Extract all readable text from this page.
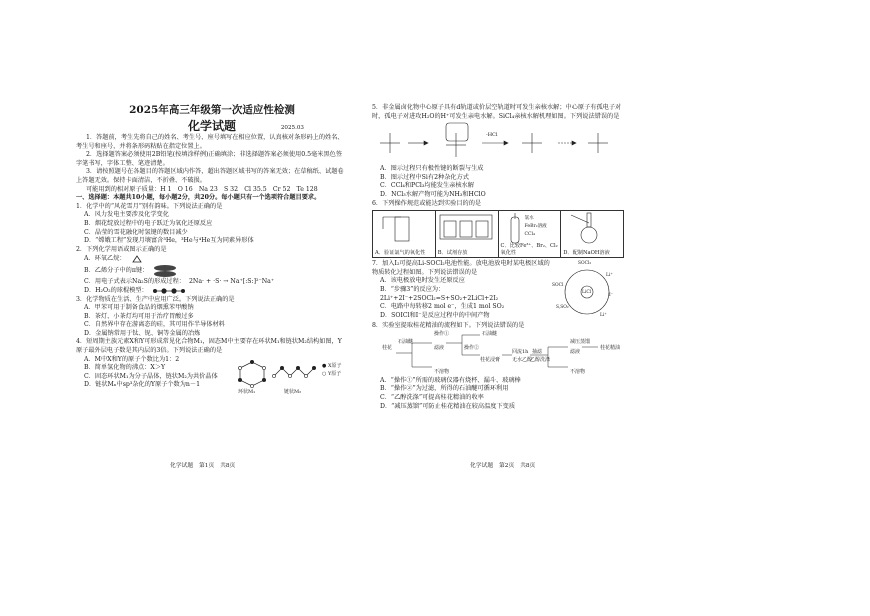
2025年高三年级第一次适应性检测
化学试题	2025.03

1．答题前，考生先将自己的姓名、考生号、座号填写在相应位置，认真核对条形码上的姓名、考生号和座号，并将条形码粘贴在指定位置上。

2．选择题答案必须使用2B铅笔(按填涂样例)正确填涂；非选择题答案必须使用0.5毫米黑色签字笔书写，字体工整、笔迹清楚。

3．请按照题号在各题目的答题区域内作答，超出答题区域书写的答案无效；在草稿纸、试题卷上答题无效。保持卡面清洁，不折叠、不破损。

可能用到的相对原子质量：H 1　O 16　Na 23　S 32　Cl 35.5　Cr 52　Te 128

一、选择题：本题共10小题，每小题2分，共20分。每小题只有一个选项符合题目要求。

1．化学中的“风花雪月”别有韵味。下列说法正确的是

A．风力发电主要涉及化学变化

B．烟花绽放过程中的电子跃迁为氧化还原反应

C．晶莹的雪花融化时氢键的数目减少

D．“嫦娥工程”发现月壤富含³He，³He与⁴He互为同素异形体

2．下列化学用语或图示正确的是

A．环氧乙烷：
B．乙烯分子中的π键：
C．用电子式表示Na₂S的形成过程： 2Na· + ·S· → Na⁺[:S:]²⁻Na⁺
D．H₂O₂的球棍模型：

3．化学物质在生活、生产中应用广泛。下列说法正确的是

A．甲苯可用于制备食品的烟熏苯甲酸钠

B．茶灯、小茶灯均可用于治疗胃酸过多

C．自然界中存在游离态的硅，其可用作半导体材料

D．金属钠常用于钛、铌、铜等金属的冶炼

4．短周期主族元素X和Y可形成常见化合物M₁，固态M中主要存在环状M₁和链状M₂结构如图，Y原子最外层电子数是其内层的3倍。下列说法正确的是

A．M中X和Y的原子个数比为1：2

B．简单氢化物的沸点：X＞Y

C．固态环状M₁为分子晶体，链状M₂为共价晶体

D．链状Mₙ中sp³杂化的Y原子个数为n－1

环状M₁	链状M₂
● X原子
○ Y原子
化学试题　第1页　共8页

5．非金属卤化物中心原子具有d轨道或价层空轨道时可发生亲核水解；中心原子有孤电子对时，孤电子对进攻H₂O的H⁺可发生亲电水解。SiCl₄亲核水解机理如图。下列说法错误的是

-HCl

A．图示过程只有极性键的断裂与生成

B．图示过程中Si有2种杂化方式

C．CCl₄和PCl₃均能发生亲核水解

D．NCl₃水解产物可能为NH₃和HClO

6．下列操作规范或能达到实验目的的是

A．验证氯气的氧化性 B．试剂存放
氯水
FeBr₂溶液
CCl₄
C．比较Fe³⁺、Br₂、Cl₂氧化性	D．配制NaOH溶液

7．加入I₂可提高Li-SOCl₂电池性能。放电池放电时某电极区域的物质转化过程如图。下列说法错误的是

A．该电极放电时发生还原反应

B．“步骤3”的反应为：2Li⁺+2I⁻+2SOCl₂=S+SO₂+2LiCl+2I₂

C．电路中每转移2 mol e⁻，生成1 mol SO₂

D．SOICl和I⁻是反应过程中的中间产物

SOCl₂
Li⁺
SOCl
I⁻
S,SO₂
LiCl
Li⁺

8．实验室提取桂花精油的流程如下。下列说法错误的是

桂花
石油醚
操作①
滤液
石油醚
操作②
桂花浸膏
回流1h
无水乙醇
抽滤
乙醇洗涤
滤液
减压蒸馏
桂花精油
不溶物	不溶物

A．“操作①”所需的玻璃仪器有烧杯、漏斗、玻璃棒

B．“操作②”为过滤，所得的石油醚可循环利用

C．“乙醇洗涤”可提高桂花精油的收率

D．“减压蒸馏”可防止桂花精油在较高温度下变质

化学试题　第2页　共8页
